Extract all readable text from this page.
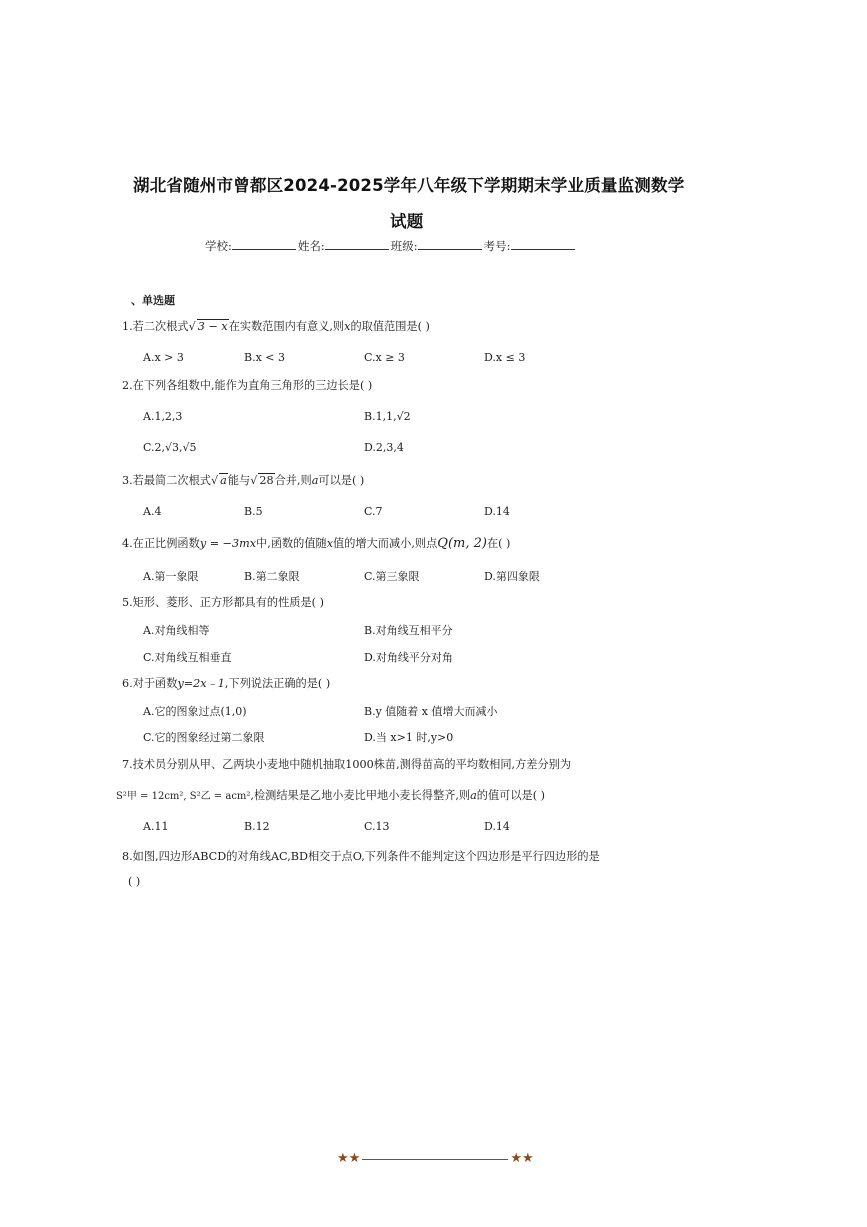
湖北省随州市曾都区2024-2025学年八年级下学期期末学业质量监测数学
试题
学校:	姓名:	班级:	考号:
、单选题
1.若二次根式√ 3 − x在实数范围内有意义,则x的取值范围是( )
A.x > 3	B.x < 3	C.x ≥ 3	D.x ≤ 3
2.在下列各组数中,能作为直角三角形的三边长是( )
A.1,2,3	B.1,1,√2
C.2,√3,√5	D.2,3,4
3.若最简二次根式√ a能与√ 28合并,则a可以是( )
A.4	B.5	C.7	D.14
4.在正比例函数y = −3mx中,函数的值随x值的增大而减小,则点Q(m, 2)在( )
A.第一象限	B.第二象限	C.第三象限	D.第四象限
5.矩形、菱形、正方形都具有的性质是( )
A.对角线相等	B.对角线互相平分
C.对角线互相垂直	D.对角线平分对角
6.对于函数y=2x﹣1,下列说法正确的是( )
A.它的图象过点(1,0)	B.y 值随着 x 值增大而减小
C.它的图象经过第二象限	D.当 x>1 时,y>0
7.技术员分别从甲、乙两块小麦地中随机抽取1000株苗,测得苗高的平均数相同,方差分别为
S²甲 = 12cm², S²乙 = acm²,检测结果是乙地小麦比甲地小麦长得整齐,则a的值可以是( )
A.11	B.12	C.13	D.14
8.如图,四边形ABCD的对角线AC,BD相交于点O,下列条件不能判定这个四边形是平行四边形的是
( )
★★	★★
